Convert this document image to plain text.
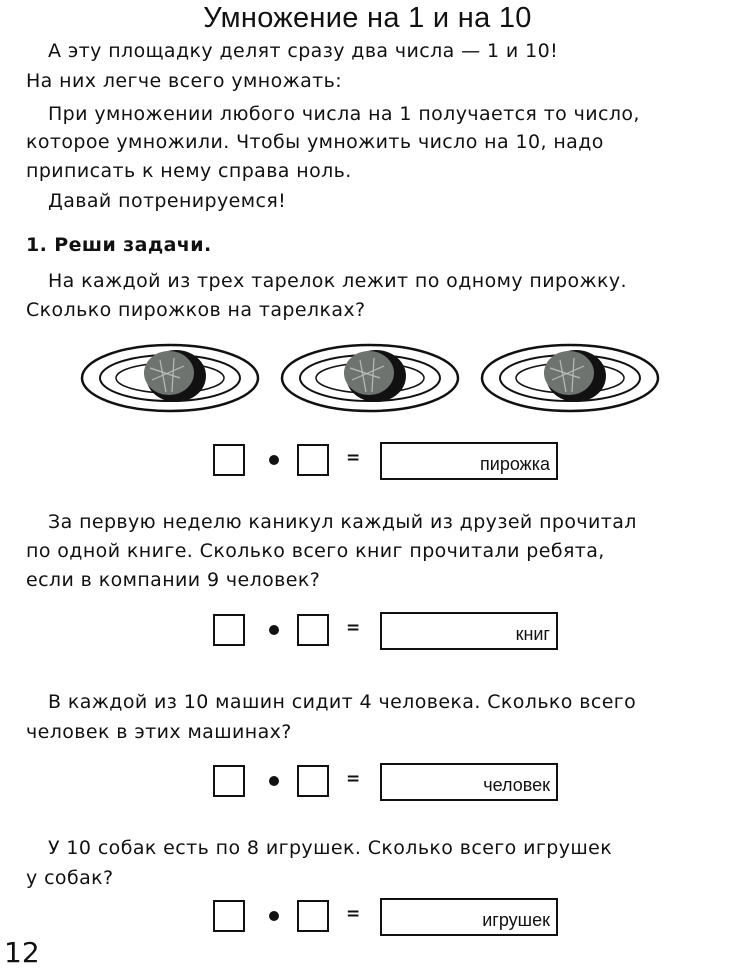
Умножение на 1 и на 10
А эту площадку делят сразу два числа — 1 и 10!
На них легче всего умножать:
При умножении любого числа на 1 получается то число,
которое умножили. Чтобы умножить число на 10, надо
приписать к нему справа ноль.
Давай потренируемся!
1. Реши задачи.
На каждой из трех тарелок лежит по одному пирожку.
Сколько пирожков на тарелках?
=	пирожка
За первую неделю каникул каждый из друзей прочитал
по одной книге. Сколько всего книг прочитали ребята,
если в компании 9 человек?
=	книг
В каждой из 10 машин сидит 4 человека. Сколько всего
человек в этих машинах?
=	человек
У 10 собак есть по 8 игрушек. Сколько всего игрушек
у собак?
=	игрушек
12
